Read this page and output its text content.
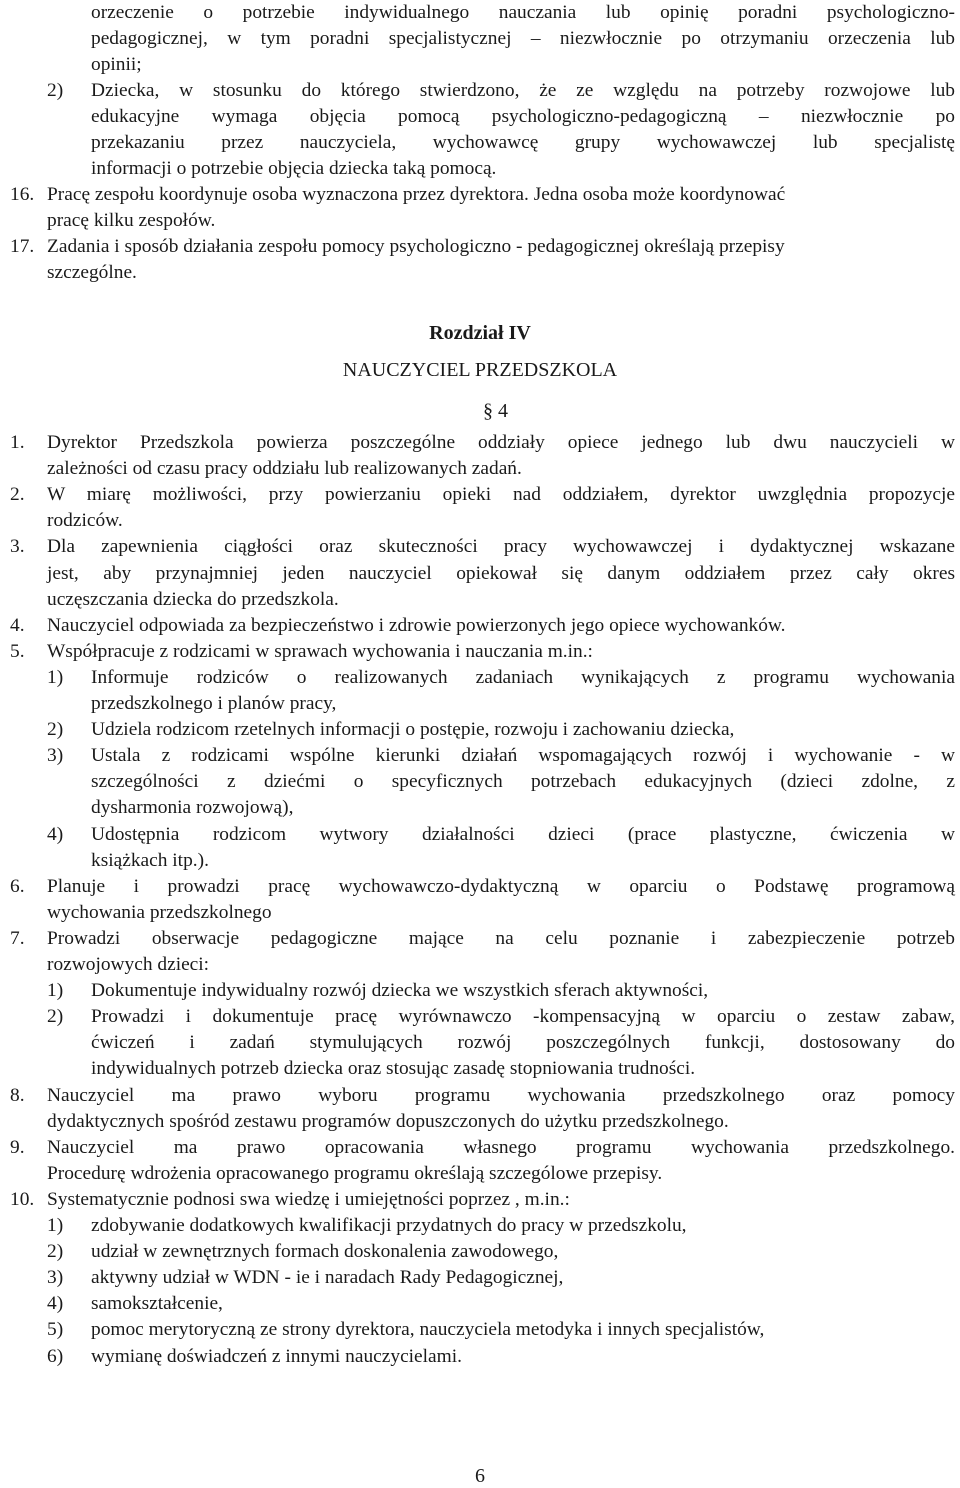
orzeczenie o potrzebie indywidualnego nauczania lub opinię poradni psychologiczno-
pedagogicznej, w tym poradni specjalistycznej – niezwłocznie po otrzymaniu orzeczenia lub
opinii;
2) Dziecka, w stosunku do którego stwierdzono, że ze względu na potrzeby rozwojowe lub
edukacyjne wymaga objęcia pomocą psychologiczno-pedagogiczną – niezwłocznie po
przekazaniu przez nauczyciela, wychowawcę grupy wychowawczej lub specjalistę
informacji o potrzebie objęcia dziecka taką pomocą.
16. Pracę zespołu koordynuje osoba wyznaczona przez dyrektora. Jedna osoba może koordynować
pracę kilku zespołów.
17. Zadania i sposób działania zespołu pomocy psychologiczno - pedagogicznej określają przepisy
szczególne.
Rozdział IV
NAUCZYCIEL PRZEDSZKOLA
§ 4
1. Dyrektor Przedszkola powierza poszczególne oddziały opiece jednego lub dwu nauczycieli w
zależności od czasu pracy oddziału lub realizowanych zadań.
2. W miarę możliwości, przy powierzaniu opieki nad oddziałem, dyrektor uwzględnia propozycje
rodziców.
3. Dla zapewnienia ciągłości oraz skuteczności pracy wychowawczej i dydaktycznej wskazane
jest, aby przynajmniej jeden nauczyciel opiekował się danym oddziałem przez cały okres
uczęszczania dziecka do przedszkola.
4. Nauczyciel odpowiada za bezpieczeństwo i zdrowie powierzonych jego opiece wychowanków.
5. Współpracuje z rodzicami w sprawach wychowania i nauczania m.in.:
1) Informuje rodziców o realizowanych zadaniach wynikających z programu wychowania
przedszkolnego i planów pracy,
2) Udziela rodzicom rzetelnych informacji o postępie, rozwoju i zachowaniu dziecka,
3) Ustala z rodzicami wspólne kierunki działań wspomagających rozwój i wychowanie - w
szczególności z dziećmi o specyficznych potrzebach edukacyjnych (dzieci zdolne, z
dysharmonia rozwojową),
4) Udostępnia rodzicom wytwory działalności dzieci (prace plastyczne, ćwiczenia w
książkach itp.).
6. Planuje i prowadzi pracę wychowawczo-dydaktyczną w oparciu o Podstawę programową
wychowania przedszkolnego
7. Prowadzi obserwacje pedagogiczne mające na celu poznanie i zabezpieczenie potrzeb
rozwojowych dzieci:
1) Dokumentuje indywidualny rozwój dziecka we wszystkich sferach aktywności,
2) Prowadzi i dokumentuje pracę wyrównawczo -kompensacyjną w oparciu o zestaw zabaw,
ćwiczeń i zadań stymulujących rozwój poszczególnych funkcji, dostosowany do
indywidualnych potrzeb dziecka oraz stosując zasadę stopniowania trudności.
8. Nauczyciel ma prawo wyboru programu wychowania przedszkolnego oraz pomocy
dydaktycznych spośród zestawu programów dopuszczonych do użytku przedszkolnego.
9. Nauczyciel ma prawo opracowania własnego programu wychowania przedszkolnego.
Procedurę wdrożenia opracowanego programu określają szczególowe przepisy.
10. Systematycznie podnosi swa wiedzę i umiejętności poprzez , m.in.:
1) zdobywanie dodatkowych kwalifikacji przydatnych do pracy w przedszkolu,
2) udział w zewnętrznych formach doskonalenia zawodowego,
3) aktywny udział w WDN - ie i naradach Rady Pedagogicznej,
4) samokształcenie,
5) pomoc merytoryczną ze strony dyrektora, nauczyciela metodyka i innych specjalistów,
6) wymianę doświadczeń z innymi nauczycielami.
6
